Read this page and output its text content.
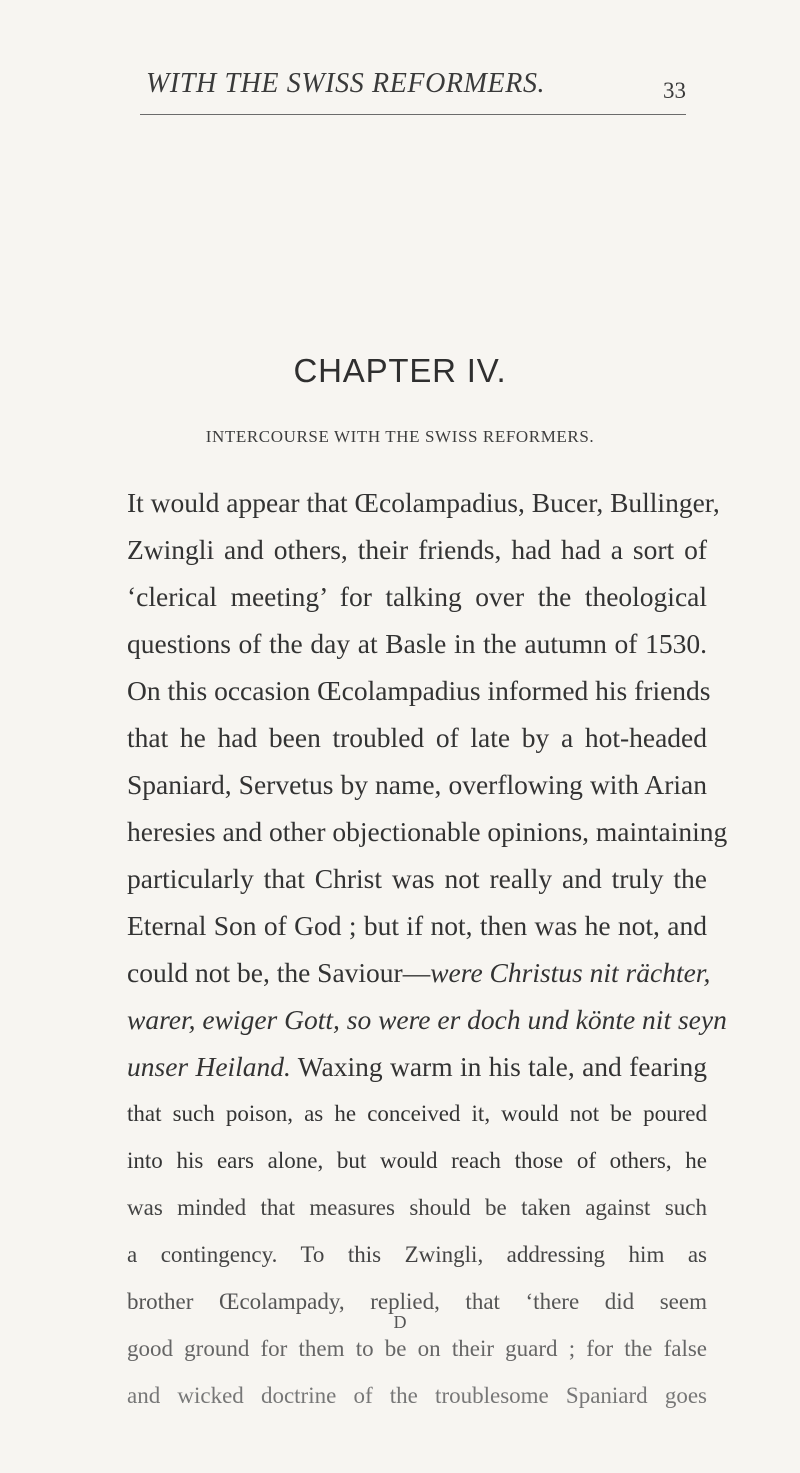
WITH THE SWISS REFORMERS.	33
CHAPTER IV.
INTERCOURSE WITH THE SWISS REFORMERS.
It would appear that Œcolampadius, Bucer, Bullinger,
Zwingli and others, their friends, had had a sort of
‘clerical meeting’ for talking over the theological
questions of the day at Basle in the autumn of 1530.
On this occasion Œcolampadius informed his friends
that he had been troubled of late by a hot-headed
Spaniard, Servetus by name, overflowing with Arian
heresies and other objectionable opinions, maintaining
particularly that Christ was not really and truly the
Eternal Son of God ; but if not, then was he not, and
could not be, the Saviour—were Christus nit rächter,
warer, ewiger Gott, so were er doch und könte nit seyn
unser Heiland. Waxing warm in his tale, and fearing
that such poison, as he conceived it, would not be poured
into his ears alone, but would reach those of others, he
was minded that measures should be taken against such
a contingency. To this Zwingli, addressing him as
brother Œcolampady, replied, that ‘there did seem
good ground for them to be on their guard ; for the false
and wicked doctrine of the troublesome Spaniard goes
D
